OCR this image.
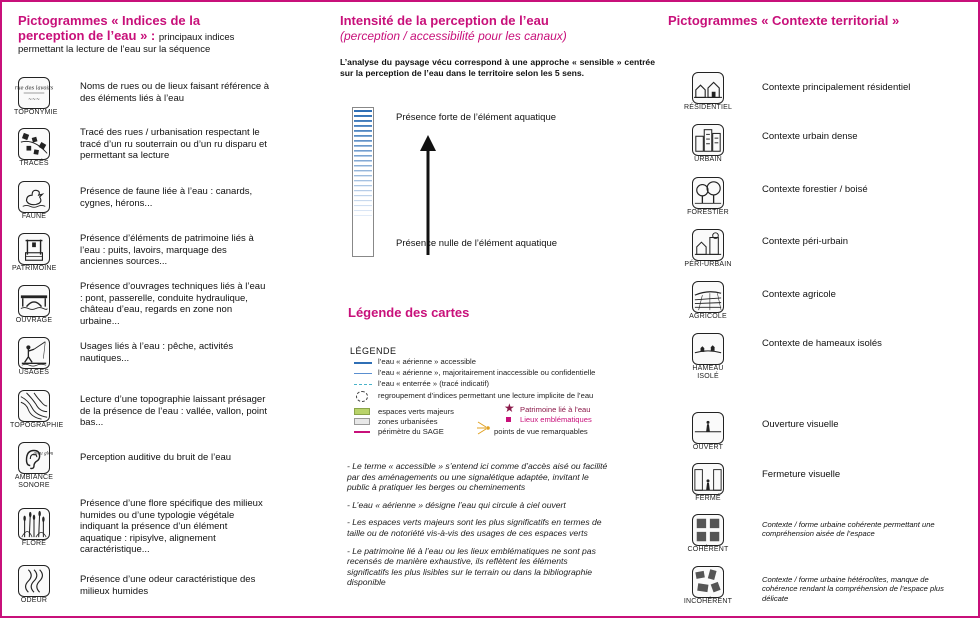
Pictogrammes « Indices de la
perception de l’eau » : principaux indices
permettant la lecture de l’eau sur la séquence
rue des lavoirs
~~~
TOPONYMIE
Noms de rues ou de lieux faisant référence à des éléments liés à l’eau
TRACÉS
Tracé des rues / urbanisation respectant le tracé d’un ru souterrain ou d’un ru disparu et permettant sa lecture
FAUNE
Présence de faune liée à l’eau : canards, cygnes, hérons...
PATRIMOINE
Présence d’éléments de patrimoine liés à l’eau : puits, lavoirs, marquage des anciennes sources...
OUVRAGE
Présence d’ouvrages techniques liés à l’eau : pont, passerelle, conduite hydraulique, château d’eau, regards en zone non urbaine...
USAGES
Usages liés à l’eau : pêche, activités nautiques...
TOPOGRAPHIE
Lecture d’une topographie laissant présager de la présence de l’eau : vallée, vallon, point bas...
glou glou
AMBIANCE SONORE
Perception auditive du bruit de l’eau
FLORE
Présence d’une flore spécifique des milieux humides ou d’une typologie végétale indiquant la présence d’un élément aquatique : ripisylve, alignement caractéristique...
ODEUR
Présence d’une odeur caractéristique des milieux humides
Intensité de la perception de l’eau
(perception / accessibilité pour les canaux)
L’analyse du paysage vécu correspond à une approche « sensible » centrée sur la perception de l’eau dans le territoire selon les 5 sens.
Présence forte de l’élément aquatique
Présence nulle de l’élément aquatique
Légende des cartes
LÉGENDE
l’eau « aérienne » accessible
l’eau « aérienne », majoritairement inaccessible ou confidentielle
l’eau « enterrée » (tracé indicatif)
regroupement d’indices permettant une lecture implicite de l’eau
espaces verts majeurs
zones urbanisées
périmètre du SAGE
★ Patrimoine lié à l’eau
Lieux emblématiques
points de vue remarquables
- Le terme « accessible » s’entend ici comme d’accès aisé ou facilité par des aménagements ou une signalétique adaptée, invitant le public à pratiquer les berges ou cheminements
- L’eau « aérienne » désigne l’eau qui circule à ciel ouvert
- Les espaces verts majeurs sont les plus significatifs en termes de taille ou de notoriété vis-à-vis des usages de ces espaces verts
- Le patrimoine lié à l’eau ou les lieux emblématiques ne sont pas recensés de manière exhaustive, ils reflètent les éléments significatifs les plus lisibles sur le terrain ou dans la bibliographie disponible
Pictogrammes « Contexte territorial »
RÉSIDENTIEL
Contexte principalement résidentiel
URBAIN
Contexte urbain dense
FORESTIER
Contexte forestier / boisé
PÉRI-URBAIN
Contexte péri-urbain
AGRICOLE
Contexte agricole
HAMEAU ISOLÉ
Contexte de hameaux isolés
OUVERT
Ouverture visuelle
FERMÉ
Fermeture visuelle
COHÉRENT
Contexte / forme urbaine cohérente permettant une compréhension aisée de l’espace
INCOHÉRENT
Contexte / forme urbaine hétéroclites, manque de cohérence rendant la compréhension de l’espace plus délicate
